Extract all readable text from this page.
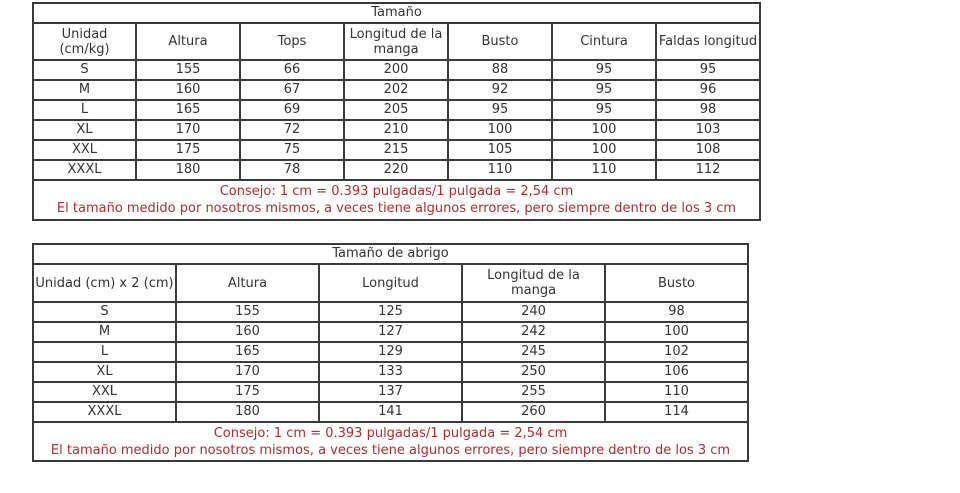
Tamaño						
Unidad (cm/kg)	Altura	Tops	Longitud de la manga	Busto	Cintura	Faldas longitud
S	155	66	200	88	95	95
M	160	67	202	92	95	96
L	165	69	205	95	95	98
XL	170	72	210	100	100	103
XXL	175	75	215	105	100	108
XXXL	180	78	220	110	110	112

Consejo: 1 cm = 0.393 pulgadas/1 pulgada = 2,54 cm
El tamaño medido por nosotros mismos, a veces tiene algunos errores, pero siempre dentro de los 3 cm						
Tamaño de abrigo				
Unidad (cm) x 2 (cm)	Altura	Longitud	Longitud de la manga	Busto
S	155	125	240	98
M	160	127	242	100
L	165	129	245	102
XL	170	133	250	106
XXL	175	137	255	110
XXXL	180	141	260	114

Consejo: 1 cm = 0.393 pulgadas/1 pulgada = 2,54 cm
El tamaño medido por nosotros mismos, a veces tiene algunos errores, pero siempre dentro de los 3 cm				
